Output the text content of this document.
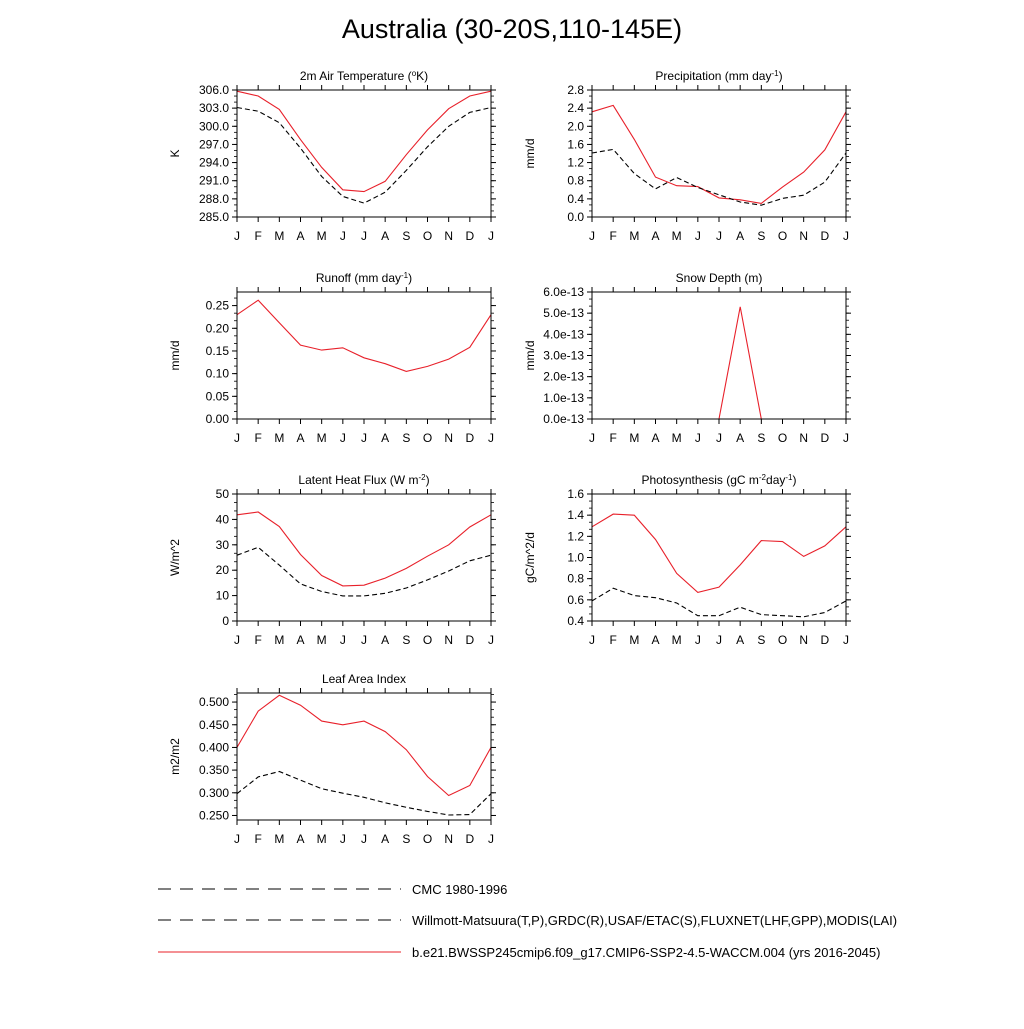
Australia (30-20S,110-145E)
2m Air Temperature ($^o$K)
K
306.0
303.0
300.0
297.0
294.0
291.0
288.0
285.0
J F M A M J J A S O N D J
Precipitation (mm day$^{-1}$)
mm/d
2.8
2.4
2.0
1.6
1.2
0.8
0.4
0.0
J F M A M J J A S O N D J
Runoff (mm day$^{-1}$)
mm/d
0.25
0.20
0.15
0.10
0.05
0.00
J F M A M J J A S O N D J
Snow Depth (m)
mm/d
6.0e-13
5.0e-13
4.0e-13
3.0e-13
2.0e-13
1.0e-13
0.0e-13
J F M A M J J A S O N D J
Latent Heat Flux (W $m^{-2}$)
W/m^2
50
40
30
20
10
0
J F M A M J J A S O N D J
Photosynthesis (gC $m^{-2}day^{-1}$)
gC/m^2/d
1.6
1.4
1.2
1.0
0.8
0.6
0.4
J F M A M J J A S O N D J
Leaf Area Index
m2/m2
0.500
0.450
0.400
0.350
0.300
0.250
J F M A M J J A S O N D J
CMC 1980-1996
Willmott-Matsuura(T,P),GRDC(R),USAF/ETAC(S),FLUXNET(LHF,GPP),MODIS(LAI)
b.e21.BWSSP245cmip6.f09_g17.CMIP6-SSP2-4.5-WACCM.004 (yrs 2016-2045)
